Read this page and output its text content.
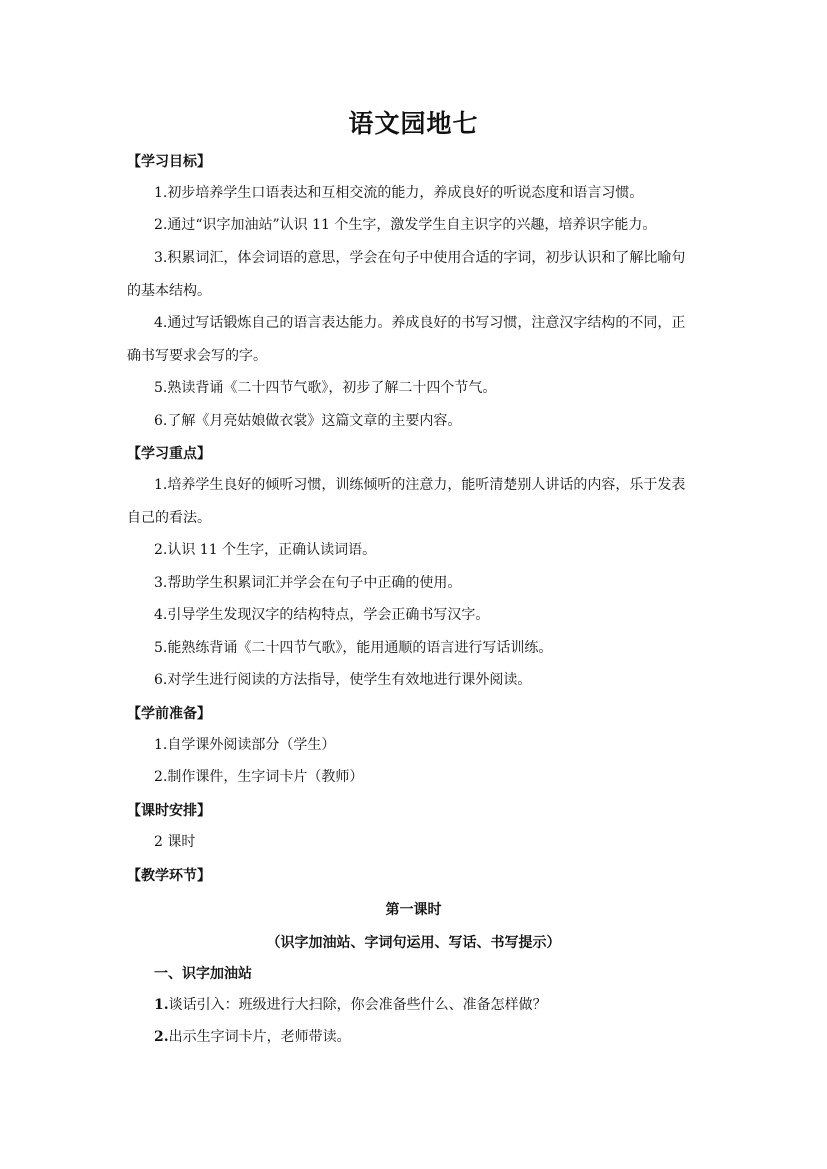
语文园地七

【学习目标】

1.初步培养学生口语表达和互相交流的能力，养成良好的听说态度和语言习惯。

2.通过“识字加油站”认识 11 个生字，激发学生自主识字的兴趣，培养识字能力。

3.积累词汇，体会词语的意思，学会在句子中使用合适的字词，初步认识和了解比喻句

的基本结构。

4.通过写话锻炼自己的语言表达能力。养成良好的书写习惯，注意汉字结构的不同，正

确书写要求会写的字。

5.熟读背诵《二十四节气歌》，初步了解二十四个节气。

6.了解《月亮姑娘做衣裳》这篇文章的主要内容。

【学习重点】

1.培养学生良好的倾听习惯，训练倾听的注意力，能听清楚别人讲话的内容，乐于发表

自己的看法。

2.认识 11 个生字，正确认读词语。

3.帮助学生积累词汇并学会在句子中正确的使用。

4.引导学生发现汉字的结构特点，学会正确书写汉字。

5.能熟练背诵《二十四节气歌》，能用通顺的语言进行写话训练。

6.对学生进行阅读的方法指导，使学生有效地进行课外阅读。

【学前准备】

1.自学课外阅读部分（学生）

2.制作课件，生字词卡片（教师）

【课时安排】

2 课时

【教学环节】

第一课时

（识字加油站、字词句运用、写话、书写提示）

一、识字加油站

1.谈话引入：班级进行大扫除，你会准备些什么、准备怎样做？

2.出示生字词卡片，老师带读。
